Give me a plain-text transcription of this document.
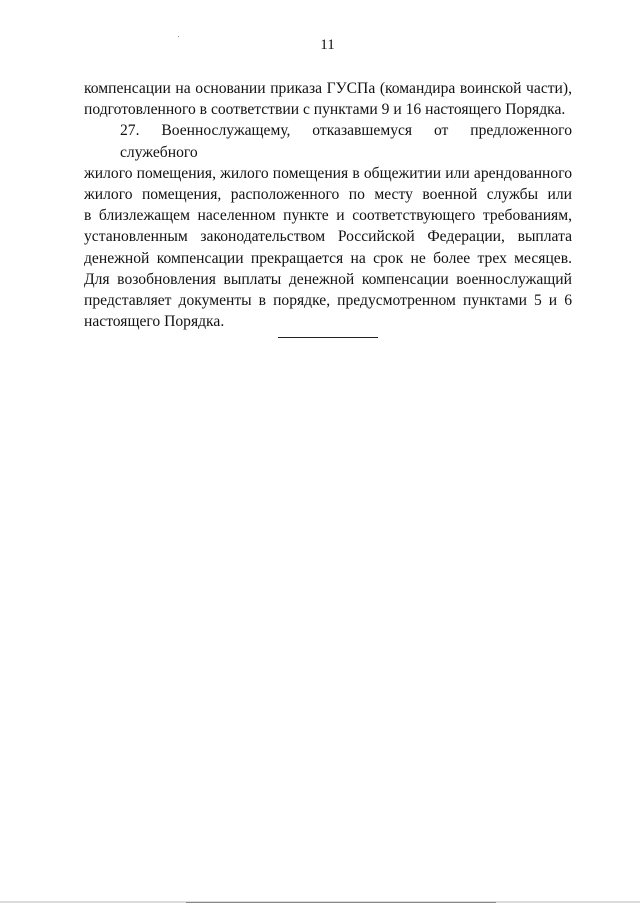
11
компенсации на основании приказа ГУСПа (командира воинской части),
подготовленного в соответствии с пунктами 9 и 16 настоящего Порядка.
27. Военнослужащему, отказавшемуся от предложенного служебного
жилого помещения, жилого помещения в общежитии или арендованного
жилого помещения, расположенного по месту военной службы или
в близлежащем населенном пункте и соответствующего требованиям,
установленным законодательством Российской Федерации, выплата
денежной компенсации прекращается на срок не более трех месяцев.
Для возобновления выплаты денежной компенсации военнослужащий
представляет документы в порядке, предусмотренном пунктами 5 и 6
настоящего Порядка.
